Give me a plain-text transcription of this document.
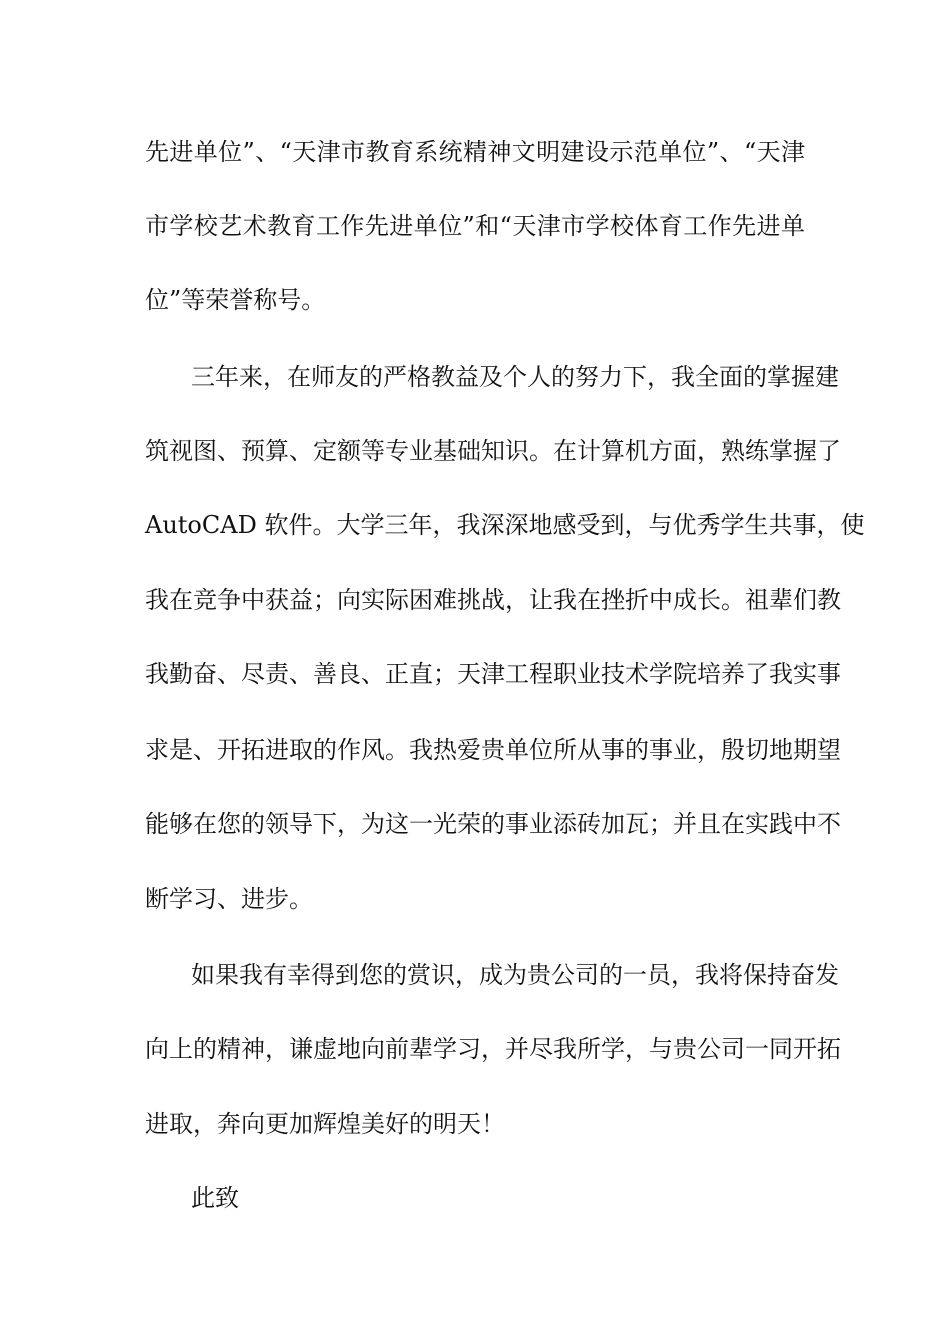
先进单位”、“天津市教育系统精神文明建设示范单位”、“天津
市学校艺术教育工作先进单位”和“天津市学校体育工作先进单
位”等荣誉称号。
三年来，在师友的严格教益及个人的努力下，我全面的掌握建
筑视图、预算、定额等专业基础知识。在计算机方面，熟练掌握了
AutoCAD 软件。大学三年，我深深地感受到，与优秀学生共事，使
我在竞争中获益；向实际困难挑战，让我在挫折中成长。祖辈们教
我勤奋、尽责、善良、正直；天津工程职业技术学院培养了我实事
求是、开拓进取的作风。我热爱贵单位所从事的事业，殷切地期望
能够在您的领导下，为这一光荣的事业添砖加瓦；并且在实践中不
断学习、进步。
如果我有幸得到您的赏识，成为贵公司的一员，我将保持奋发
向上的精神，谦虚地向前辈学习，并尽我所学，与贵公司一同开拓
进取，奔向更加辉煌美好的明天！
此致
